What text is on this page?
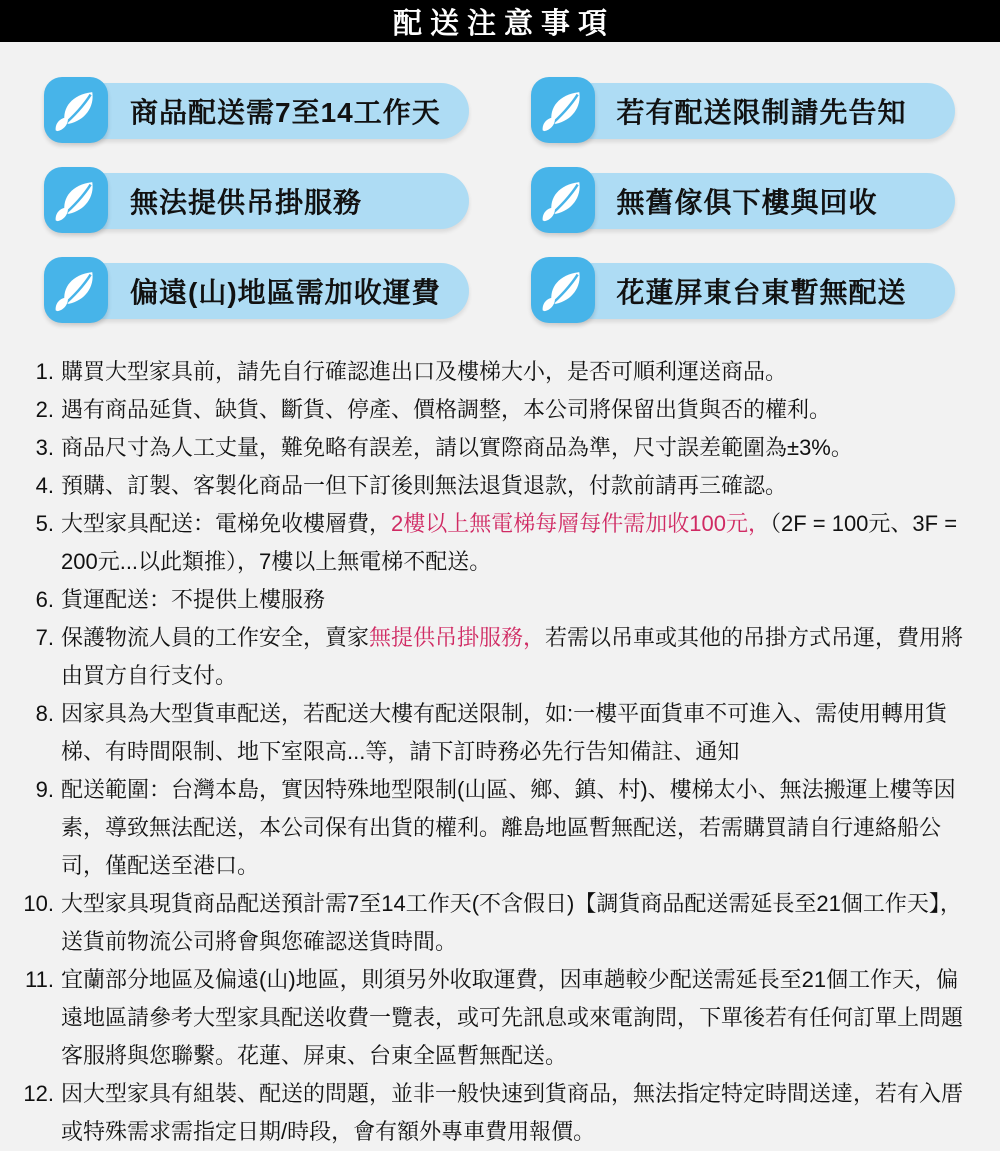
配送注意事項
商品配送需7至14工作天	若有配送限制請先告知
無法提供吊掛服務	無舊傢俱下樓與回收
偏遠(山)地區需加收運費	花蓮屏東台東暫無配送
1. 購買大型家具前，請先自行確認進出口及樓梯大小，是否可順利運送商品。
2. 遇有商品延貨、缺貨、斷貨、停產、價格調整，本公司將保留出貨與否的權利。
3. 商品尺寸為人工丈量，難免略有誤差，請以實際商品為準，尺寸誤差範圍為±3%。
4. 預購、訂製、客製化商品一但下訂後則無法退貨退款，付款前請再三確認。
5. 大型家具配送：電梯免收樓層費，2樓以上無電梯每層每件需加收100元，（2F = 100元、3F = 200元...以此類推），7樓以上無電梯不配送。
6. 貨運配送：不提供上樓服務
7. 保護物流人員的工作安全，賣家無提供吊掛服務，若需以吊車或其他的吊掛方式吊運，費用將由買方自行支付。
8. 因家具為大型貨車配送，若配送大樓有配送限制，如:一樓平面貨車不可進入、需使用轉用貨梯、有時間限制、地下室限高...等，請下訂時務必先行告知備註、通知
9. 配送範圍：台灣本島，實因特殊地型限制(山區、鄉、鎮、村)、樓梯太小、無法搬運上樓等因素，導致無法配送，本公司保有出貨的權利。離島地區暫無配送，若需購買請自行連絡船公司，僅配送至港口。
10. 大型家具現貨商品配送預計需7至14工作天(不含假日)【調貨商品配送需延長至21個工作天】，送貨前物流公司將會與您確認送貨時間。
11. 宜蘭部分地區及偏遠(山)地區，則須另外收取運費，因車趟較少配送需延長至21個工作天，偏遠地區請參考大型家具配送收費一覽表，或可先訊息或來電詢問，下單後若有任何訂單上問題客服將與您聯繫。花蓮、屏東、台東全區暫無配送。
12. 因大型家具有組裝、配送的問題，並非一般快速到貨商品，無法指定特定時間送達，若有入厝或特殊需求需指定日期/時段，會有額外專車費用報價。
